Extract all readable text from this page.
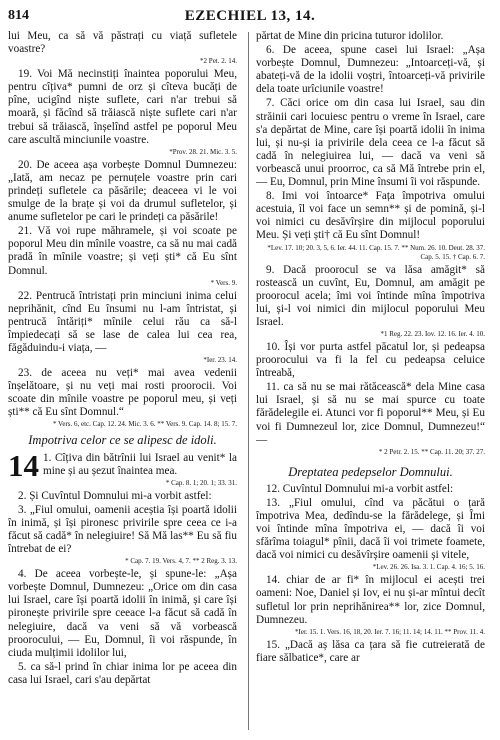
814	EZECHIEL 13, 14.
lui Meu, ca să vă păstrați cu viață sufletele voastre?
*2 Pet. 2. 14.
19. Voi Mă necinstiți înaintea poporului Meu, pentru cîțiva* pumni de orz și cîteva bucăți de pîne, ucigînd niște suflete, cari n'ar trebui să moară, și făcînd să trăiască niște suflete cari n'ar trebui să trăiască, înșelînd astfel pe poporul Meu care ascultă minciunile voastre.
*Prov. 28. 21. Mic. 3. 5.
20. De aceea așa vorbește Domnul Dumnezeu: „Iată, am necaz pe pernuțele voastre prin cari prindeți sufletele ca păsările; deaceea vi le voi smulge de la brațe și voi da drumul sufletelor, și anume sufletelor pe cari le prindeți ca păsările!
21. Vă voi rupe măhramele, și voi scoate pe poporul Meu din mînile voastre, ca să nu mai cadă pradă în mînile voastre; și veți ști* că Eu sînt Domnul.
* Vers. 9.
22. Pentrucă întristați prin minciuni inima celui neprihănit, cînd Eu însumi nu l-am întristat, și pentrucă întăriți* mînile celui rău ca să-l împiedecați să se lase de calea lui cea rea, făgăduindu-i viața, —
*Ier. 23. 14.
23. de aceea nu veți* mai avea vedenii înșelătoare, și nu veți mai rosti proorocii. Voi scoate din mînile voastre pe poporul meu, și veți ști** că Eu sînt Domnul.“
* Vers. 6, etc. Cap. 12. 24. Mic. 3. 6. ** Vers. 9. Cap. 14. 8; 15. 7.
Impotriva celor ce se alipesc de idoli.
14 1. Cîțiva din bătrînii lui Israel au venit* la mine și au șezut înaintea mea.
* Cap. 8. 1; 20. 1; 33. 31.
2. Și Cuvîntul Domnului mi-a vorbit astfel:
3. „Fiul omului, oamenii aceștia își poartă idolii în inimă, și își pironesc privirile spre ceea ce i-a făcut să cadă* în nelegiuire! Să Mă las** Eu să fiu întrebat de ei?
* Cap. 7. 19. Vers. 4, 7. ** 2 Reg. 3. 13.
4. De aceea vorbește-le, și spune-le: „Așa vorbește Domnul, Dumnezeu: „Orice om din casa lui Israel, care își poartă idolii în inimă, și care își pironește privirile spre ceeace l-a făcut să cadă în nelegiuire, dacă va veni să vă vorbească proorocului, — Eu, Domnul, îi voi răspunde, în ciuda mulțimii idolilor lui,
5. ca să-l prind în chiar inima lor pe aceea din casa lui Israel, cari s'au depărtat
părtat de Mine din pricina tuturor idolilor.
6. De aceea, spune casei lui Israel: „Așa vorbește Domnul, Dumnezeu: „Intoarceți-vă, și abateți-vă de la idolii voștri, întoarceți-vă privirile dela toate urîciunile voastre!
7. Căci orice om din casa lui Israel, sau din străinii cari locuiesc pentru o vreme în Israel, care s'a depărtat de Mine, care își poartă idolii în inima lui, și nu-și ia privirile dela ceea ce l-a făcut să cadă în nelegiuirea lui, — dacă va veni să vorbească unui proorroc, ca să Mă întrebe prin el, — Eu, Domnul, prin Mine însumi îi voi răspunde.
8. Imi voi întoarce* Fața împotriva omului acestuia, îl voi face un semn** și de pomină, și-l voi nimici cu desăvîrșire din mijlocul poporului Meu. Și veți ști† că Eu sînt Domnul!
*Lev. 17. 10; 20. 3, 5, 6. Ier. 44. 11. Cap. 15. 7. ** Num. 26. 10. Deut. 28. 37. Cap. 5. 15. † Cap. 6. 7.
9. Dacă proorocul se va lăsa amăgit* să rostească un cuvînt, Eu, Domnul, am amăgit pe proorocul acela; îmi voi întinde mîna împotriva lui, și-l voi nimici din mijlocul poporului Meu Israel.
*1 Reg. 22. 23. Iov. 12. 16. Ier. 4. 10.
10. Își vor purta astfel păcatul lor, și pedeapsa proorocului va fi la fel cu pedeapsa celuice întreabă,
11. ca să nu se mai rătăcească* dela Mine casa lui Israel, și să nu se mai spurce cu toate fărădelegile ei. Atunci vor fi poporul** Meu, și Eu voi fi Dumnezeul lor, zice Domnul, Dumnezeu!“ —
* 2 Petr. 2. 15. ** Cap. 11. 20; 37. 27.
Dreptatea pedepselor Domnului.
12. Cuvîntul Domnului mi-a vorbit astfel:
13. „Fiul omului, cînd va păcătui o țară împotriva Mea, dedîndu-se la fărădelege, și Îmi voi întinde mîna împotriva ei, — dacă îi voi sfărîma toiagul* pînii, dacă îi voi trimete foamete, dacă voi nimici cu desăvîrșire oamenii și vitele,
*Lev. 26. 26. Isa. 3. 1. Cap. 4. 16; 5. 16.
14. chiar de ar fi* în mijlocul ei acești trei oameni: Noe, Daniel și Iov, ei nu și-ar mîntui decît sufletul lor prin neprihănirea** lor, zice Domnul, Dumnezeu.
*Ier. 15. 1. Vers. 16, 18, 20. Ier. 7. 16; 11. 14; 14. 11. ** Prov. 11. 4.
15. „Dacă aș lăsa ca țara să fie cutreierată de fiare sălbatice*, care ar
